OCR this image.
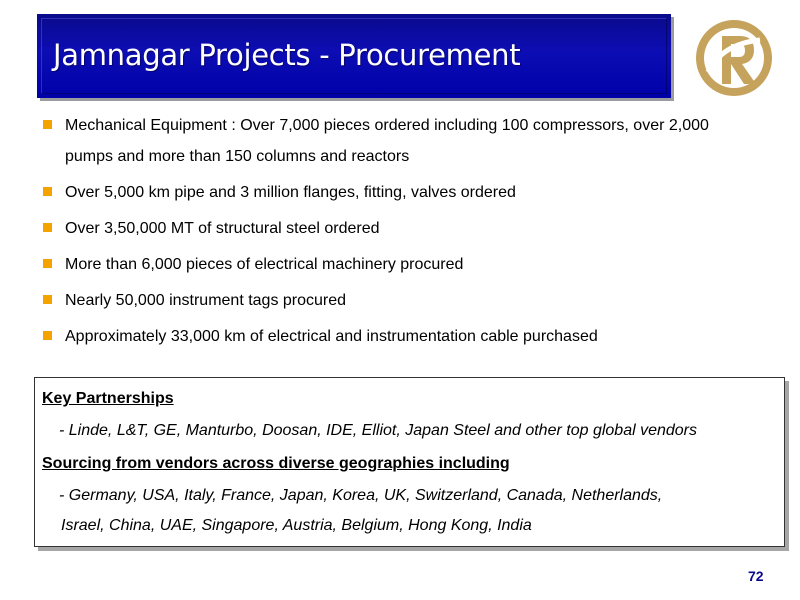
Jamnagar Projects - Procurement
Mechanical Equipment : Over 7,000 pieces ordered including 100 compressors, over 2,000
pumps and more than 150 columns and reactors
Over 5,000 km pipe and 3 million flanges, fitting, valves ordered
Over 3,50,000 MT of structural steel ordered
More than 6,000 pieces of electrical machinery procured
Nearly 50,000 instrument tags procured
Approximately 33,000 km of electrical and instrumentation cable purchased
Key Partnerships
- Linde, L&T, GE, Manturbo, Doosan, IDE, Elliot, Japan Steel and other top global vendors
Sourcing from vendors across diverse geographies including
- Germany, USA, Italy, France, Japan, Korea, UK, Switzerland, Canada, Netherlands,
Israel, China, UAE, Singapore, Austria, Belgium, Hong Kong, India
72
